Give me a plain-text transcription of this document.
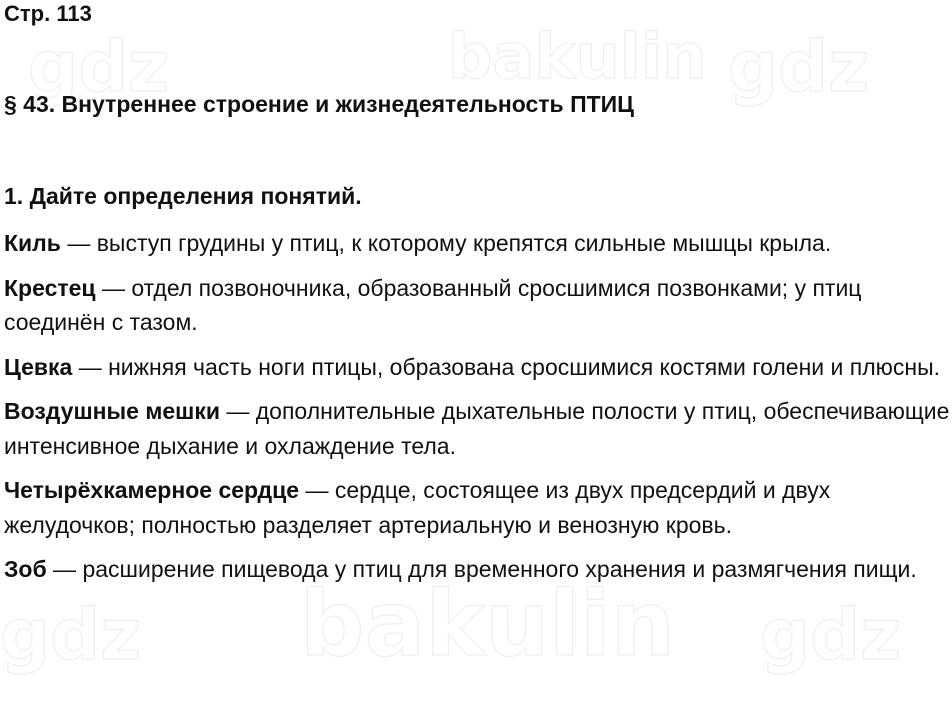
gdz	bakulin gdz
gdz bakulin gdz
Стр. 113
§ 43. Внутреннее строение и жизнедеятельность ПТИЦ
1. Дайте определения понятий.
Киль — выступ грудины у птиц, к которому крепятся сильные мышцы крыла.
Крестец — отдел позвоночника, образованный сросшимися позвонками; у птиц соединён с тазом.
Цевка — нижняя часть ноги птицы, образована сросшимися костями голени и плюсны.
Воздушные мешки — дополнительные дыхательные полости у птиц, обеспечивающие интенсивное дыхание и охлаждение тела.
Четырёхкамерное сердце — сердце, состоящее из двух предсердий и двух желудочков; полностью разделяет артериальную и венозную кровь.
Зоб — расширение пищевода у птиц для временного хранения и размягчения пищи.
